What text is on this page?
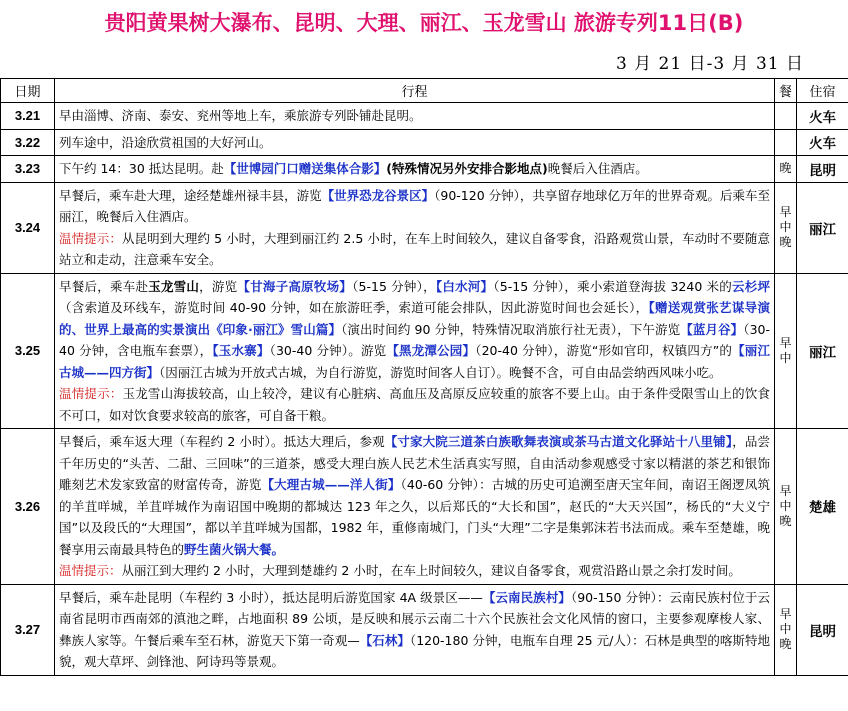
贵阳黄果树大瀑布、昆明、大理、丽江、玉龙雪山 旅游专列11日(B)
3 月 21 日-3 月 31 日
日期	行程	餐	住宿
3.21	早由淄博、济南、泰安、兖州等地上车，乘旅游专列卧铺赴昆明。		火车
3.22	列车途中，沿途欣赏祖国的大好河山。		火车
3.23	下午约 14：30 抵达昆明。赴【世博园门口赠送集体合影】(特殊情况另外安排合影地点)晚餐后入住酒店。	晚	昆明
3.24	早餐后，乘车赴大理，途经楚雄州禄丰县，游览【世界恐龙谷景区】（90-120 分钟），共享留存地球亿万年的世界奇观。后乘车至丽江，晚餐后入住酒店。
温情提示：从昆明到大理约 5 小时，大理到丽江约 2.5 小时，在车上时间较久，建议自备零食，沿路观赏山景，车动时不要随意站立和走动，注意乘车安全。	早中晚	丽江
3.25	早餐后，乘车赴玉龙雪山，游览【甘海子高原牧场】（5-15 分钟），【白水河】（5-15 分钟），乘小索道登海拔 3240 米的云杉坪（含索道及环线车，游览时间 40-90 分钟，如在旅游旺季，索道可能会排队，因此游览时间也会延长），【赠送观赏张艺谋导演的、世界上最高的实景演出《印象·丽江》雪山篇】（演出时间约 90 分钟，特殊情况取消旅行社无责），下午游览【蓝月谷】（30-40 分钟，含电瓶车套票），【玉水寨】（30-40 分钟）。游览【黑龙潭公园】（20-40 分钟），游览“形如官印，权镇四方”的【丽江古城——四方街】（因丽江古城为开放式古城，为自行游览，游览时间客人自订）。晚餐不含，可自由品尝纳西风味小吃。
温情提示：玉龙雪山海拔较高，山上较冷，建议有心脏病、高血压及高原反应较重的旅客不要上山。由于条件受限雪山上的饮食不可口，如对饮食要求较高的旅客，可自备干粮。	早中	丽江
3.26	早餐后，乘车返大理（车程约 2 小时）。抵达大理后，参观【寸家大院三道茶白族歌舞表演或茶马古道文化驿站十八里铺】，品尝千年历史的“头苦、二甜、三回味”的三道茶，感受大理白族人民艺术生活真实写照，自由活动参观感受寸家以精湛的茶艺和银饰雕刻艺术发家致富的财富传奇，游览【大理古城——洋人街】（40-60 分钟）：古城的历史可追溯至唐天宝年间，南诏王阁逻凤筑的羊苴咩城，羊苴咩城作为南诏国中晚期的都城达 123 年之久，以后郑氏的“大长和国”，赵氏的“大天兴国”，杨氏的“大义宁国”以及段氏的“大理国”，都以羊苴咩城为国都，1982 年，重修南城门，门头“大理”二字是集郭沫若书法而成。乘车至楚雄，晚餐享用云南最具特色的野生菌火锅大餐。
温情提示：从丽江到大理约 2 小时，大理到楚雄约 2 小时，在车上时间较久，建议自备零食，观赏沿路山景之余打发时间。	早中晚	楚雄
3.27	早餐后，乘车赴昆明（车程约 3 小时），抵达昆明后游览国家 4A 级景区——【云南民族村】（90-150 分钟）：云南民族村位于云南省昆明市西南郊的滇池之畔，占地面积 89 公顷，是反映和展示云南二十六个民族社会文化风情的窗口，主要参观摩梭人家、彝族人家等。午餐后乘车至石林，游览天下第一奇观—【石林】（120-180 分钟，电瓶车自理 25 元/人）：石林是典型的喀斯特地貌，观大草坪、剑锋池、阿诗玛等景观。	早中晚	昆明
